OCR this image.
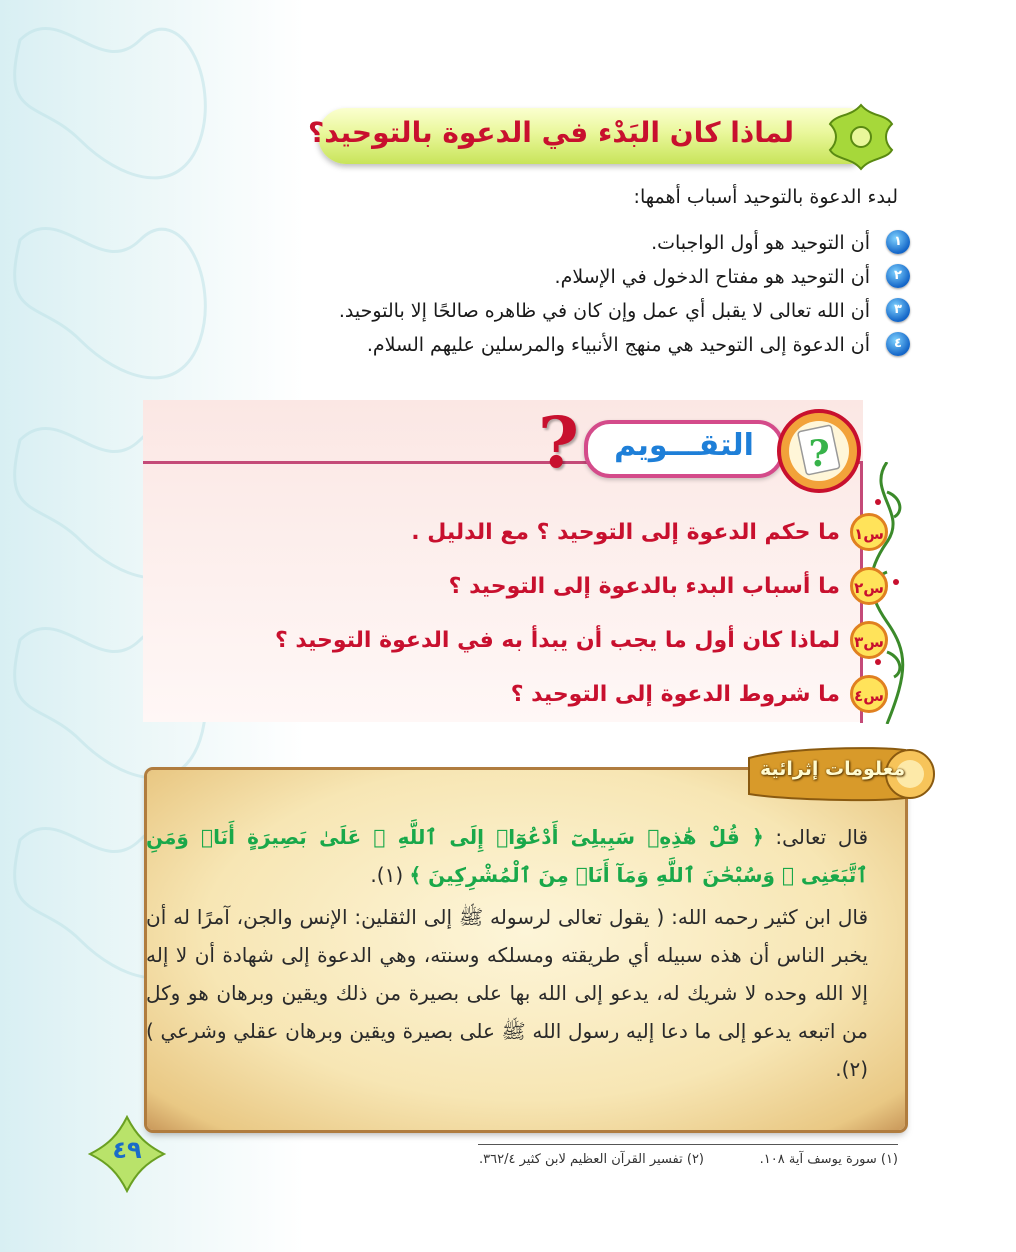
لماذا كان البَدْء في الدعوة بالتوحيد؟
لبدء الدعوة بالتوحيد أسباب أهمها:
١
أن التوحيد هو أول الواجبات.
٢
أن التوحيد هو مفتاح الدخول في الإسلام.
٣
أن الله تعالى لا يقبل أي عمل وإن كان في ظاهره صالحًا إلا بالتوحيد.
٤
أن الدعوة إلى التوحيد هي منهج الأنبياء والمرسلين عليهم السلام.
?	التقـــويم	?
س١
ما حكم الدعوة إلى التوحيد ؟ مع الدليل .
س٢
ما أسباب البدء بالدعوة إلى التوحيد ؟
س٣
لماذا كان أول ما يجب أن يبدأ به في الدعوة التوحيد ؟
س٤
ما شروط الدعوة إلى التوحيد ؟
معلومات إثرائية

قال تعالى: ﴿ قُلْ هَٰذِهِۦ سَبِيلِىٓ أَدْعُوٓا۟ إِلَى ٱللَّهِ ۚ عَلَىٰ بَصِيرَةٍ أَنَا۠ وَمَنِ ٱتَّبَعَنِى ۖ وَسُبْحَٰنَ ٱللَّهِ وَمَآ أَنَا۠ مِنَ ٱلْمُشْرِكِينَ ﴾ (١).

قال ابن كثير رحمه الله: ( يقول تعالى لرسوله ﷺ إلى الثقلين: الإنس والجن، آمرًا له أن يخبر الناس أن هذه سبيله أي طريقته ومسلكه وسنته، وهي الدعوة إلى شهادة أن لا إله إلا الله وحده لا شريك له، يدعو إلى الله بها على بصيرة من ذلك ويقين وبرهان هو وكل من اتبعه يدعو إلى ما دعا إليه رسول الله ﷺ على بصيرة ويقين وبرهان عقلي وشرعي ) (٢).

(١) سورة يوسف آية ١٠٨.
(٢) تفسير القرآن العظيم لابن كثير ٣٦٢/٤.
٤٩
